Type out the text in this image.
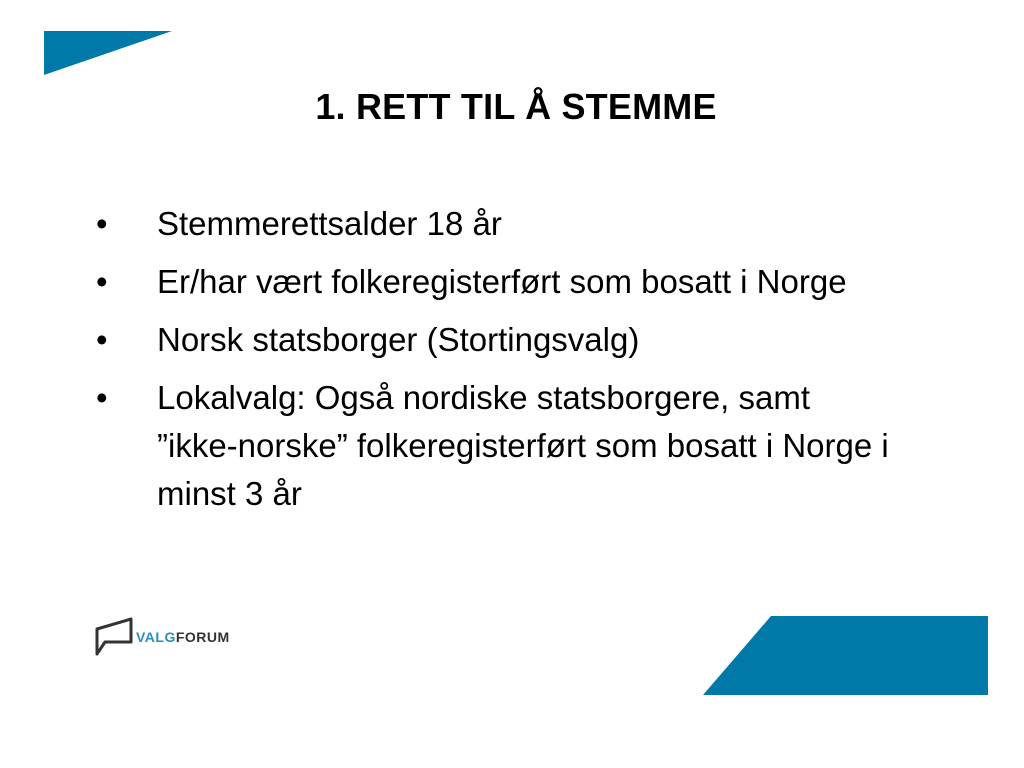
1. RETT TIL Å STEMME
• Stemmerettsalder 18 år
• Er/har vært folkeregisterført som bosatt i Norge
• Norsk statsborger (Stortingsvalg)
• Lokalvalg: Også nordiske statsborgere, samt ”ikke-norske” folkeregisterført som bosatt i Norge i minst 3 år
VALGFORUM
